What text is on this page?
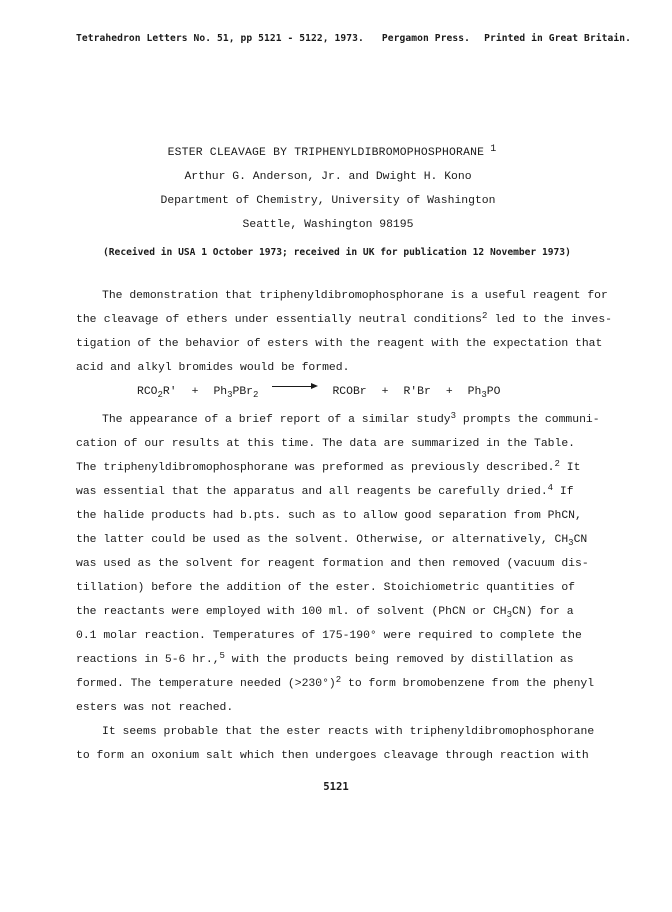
Tetrahedron Letters No. 51, pp 5121 - 5122, 1973. Pergamon Press. Printed in Great Britain.
ESTER CLEAVAGE BY TRIPHENYLDIBROMOPHOSPHORANE $^1$
Arthur G. Anderson, Jr. and Dwight H. Kono
Department of Chemistry, University of Washington
Seattle, Washington 98195
(Received in USA 1 October 1973; received in UK for publication 12 November 1973)
The demonstration that triphenyldibromophosphorane is a useful reagent for
the cleavage of ethers under essentially neutral conditions$^2$ led to the inves-
tigation of the behavior of esters with the reagent with the expectation that
acid and alkyl bromides would be formed.
$RCO_2R' + Ph_3PBr_2$	RCOBr + $R'Br + Ph_3PO$
The appearance of a brief report of a similar study$^3$ prompts the communi-
cation of our results at this time. The data are summarized in the Table.
The triphenyldibromophosphorane was preformed as previously described.$^2$ It
was essential that the apparatus and all reagents be carefully dried.$^4$ If
the halide products had b.pts. such as to allow good separation from PhCN,
the latter could be used as the solvent. Otherwise, or alternatively, $CH_3CN$
was used as the solvent for reagent formation and then removed (vacuum dis-
tillation) before the addition of the ester. Stoichiometric quantities of
the reactants were employed with 100 ml. of solvent (PhCN or $CH_3CN$) for a
0.1 molar reaction. Temperatures of 175-190° were required to complete the
reactions in 5-6 hr.,$^5$ with the products being removed by distillation as
formed. The temperature needed (>230°)$^2$ to form bromobenzene from the phenyl
esters was not reached.
It seems probable that the ester reacts with triphenyldibromophosphorane
to form an oxonium salt which then undergoes cleavage through reaction with
5121
